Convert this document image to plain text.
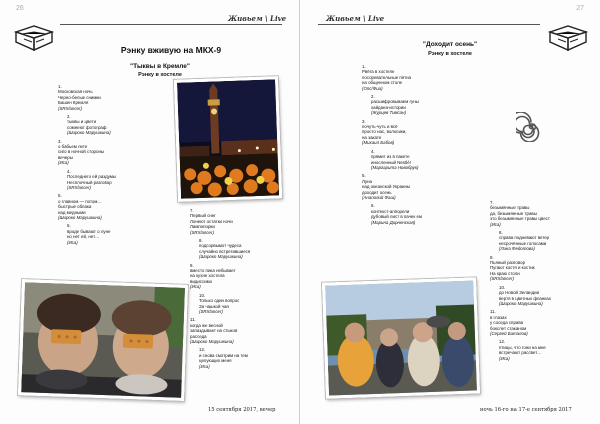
26
Живьем \ Live
Рэнку вживую на МКХ-9
"Тыквы в Кремле"
Рэнку в хостеле
1.
Московская ночь
Черно-белые снимки
Башен Кремля
(SRXlancer)
2.
тыквы и цвети
сомнеют фотограф
(Широко Марушкина)
3.
о бабьем лете
сиго в ночной стороны
вечеры
(Иса)
4.
Последнего ей раздумы
Несплочный разговор
(SRXlancer)
5.
о главном — потом…
быстрые облака
над медными
(Широко Марушкина)
6.
вроде бывают о луне
но нет ей, нет…
(Иса)
7.
Первый снег
Лонеют остатки ночи
Лампопорки
(SRXlancer)
8.
подсорвымот чудеса
случайно встретившиеся
(Широко Марушкина)
9.
вместо пика небывает
на кухне хостела
видиссимо
(Иса)
10.
Только один вопрос
За чашкой чая
(SRXlancer)
11.
когда же весной
запаздывает на стыков
расседа
(Широко Марушкина)
12.
и снова смотрим на тем
целующих меня
(Иса)
15 сентября 2017, вечер
27
Живьем \ Live
"Доходит осень"
Рэнку в хостеле
1.
Рвёга в хостеле
посоревательные пятна
на общенном столе
(Опс/Фиа)
2.
расшифровываем гуны
хайдана-истории
(Журцев Тимсан)
3.
почуть-чуть и всё
просто нас, волосики,
на закате
(Михаил Бабов)
4.
прямит из в пакете
иносленный Nestlé!
(Маргарита Новобрук)
5.
Луна
над океанской Украины
доходит осень
(Анаполий Фаш)
6.
контекст-аппорели
дубовый лист в пачек ем
(Марина Дирненская)
7.
безымянные травы
да, безымянные травы
это безымянные травы цвест
(Иса)
8.
справа подневают ветер
несрочённые голосами
(Лина Федотова)
9.
Пьяный разговор
Пугают костя и костик
На краю столи
(SRXlancer)
10.
до Новой Зеландии
вертя в цветных фланках
(Широко Марушкина)
11.
в глазах
у соседа справа
бокслет стаканом
(Сергей Баталов)
12.
птицы, что гони на мне
встречают рассвет…
(Иса)
ночь 16-го на 17-е сентября 2017
